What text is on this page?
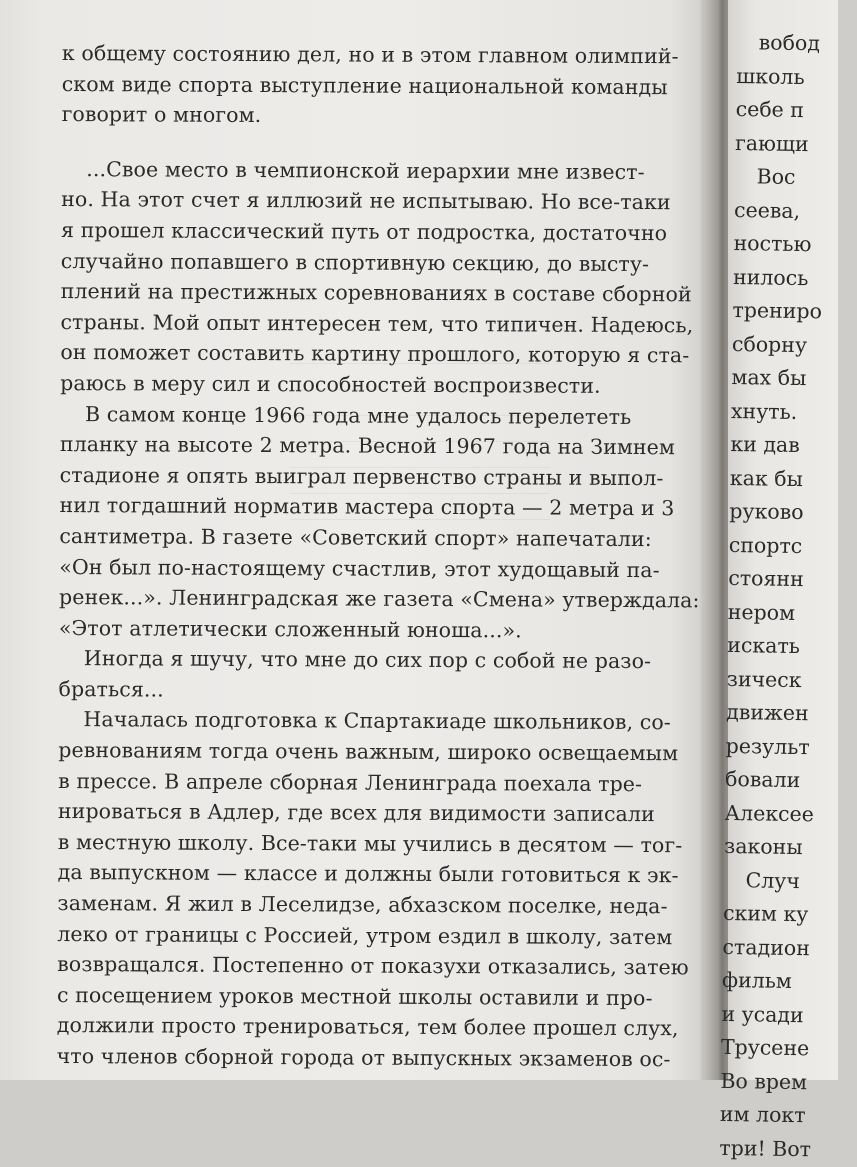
к общему состоянию дел, но и в этом главном олимпий-
ском виде спорта выступление национальной команды
говорит о многом.
...Свое место в чемпионской иерархии мне извест-
но. На этот счет я иллюзий не испытываю. Но все-таки
я прошел классический путь от подростка, достаточно
случайно попавшего в спортивную секцию, до высту-
плений на престижных соревнованиях в составе сборной
страны. Мой опыт интересен тем, что типичен. Надеюсь,
он поможет составить картину прошлого, которую я ста-
раюсь в меру сил и способностей воспроизвести.
В самом конце 1966 года мне удалось перелететь
планку на высоте 2 метра. Весной 1967 года на Зимнем
стадионе я опять выиграл первенство страны и выпол-
нил тогдашний норматив мастера спорта — 2 метра и 3
сантиметра. В газете «Советский спорт» напечатали:
«Он был по-настоящему счастлив, этот худощавый па-
ренек...». Ленинградская же газета «Смена» утверждала:
«Этот атлетически сложенный юноша...».
Иногда я шучу, что мне до сих пор с собой не разо-
браться...
Началась подготовка к Спартакиаде школьников, со-
ревнованиям тогда очень важным, широко освещаемым
в прессе. В апреле сборная Ленинграда поехала тре-
нироваться в Адлер, где всех для видимости записали
в местную школу. Все-таки мы учились в десятом — тог-
да выпускном — классе и должны были готовиться к эк-
заменам. Я жил в Леселидзе, абхазском поселке, неда-
леко от границы с Россией, утром ездил в школу, затем
возвращался. Постепенно от показухи отказались, затею
с посещением уроков местной школы оставили и про-
должили просто тренироваться, тем более прошел слух,
что членов сборной города от выпускных экзаменов ос-
вобод
школь
себе п
гающи
Вос
сеева,
ностью
нилось
трениро
сборну
мах бы
хнуть.
ки дав
как бы
руково
спортс
стоянн
нером
искать
зическ
движен
результ
бовали
Алексее
законы
Случ
ским ку
стадион
фильм
и усади
Трусене
Во врем
им локт
три! Вот
